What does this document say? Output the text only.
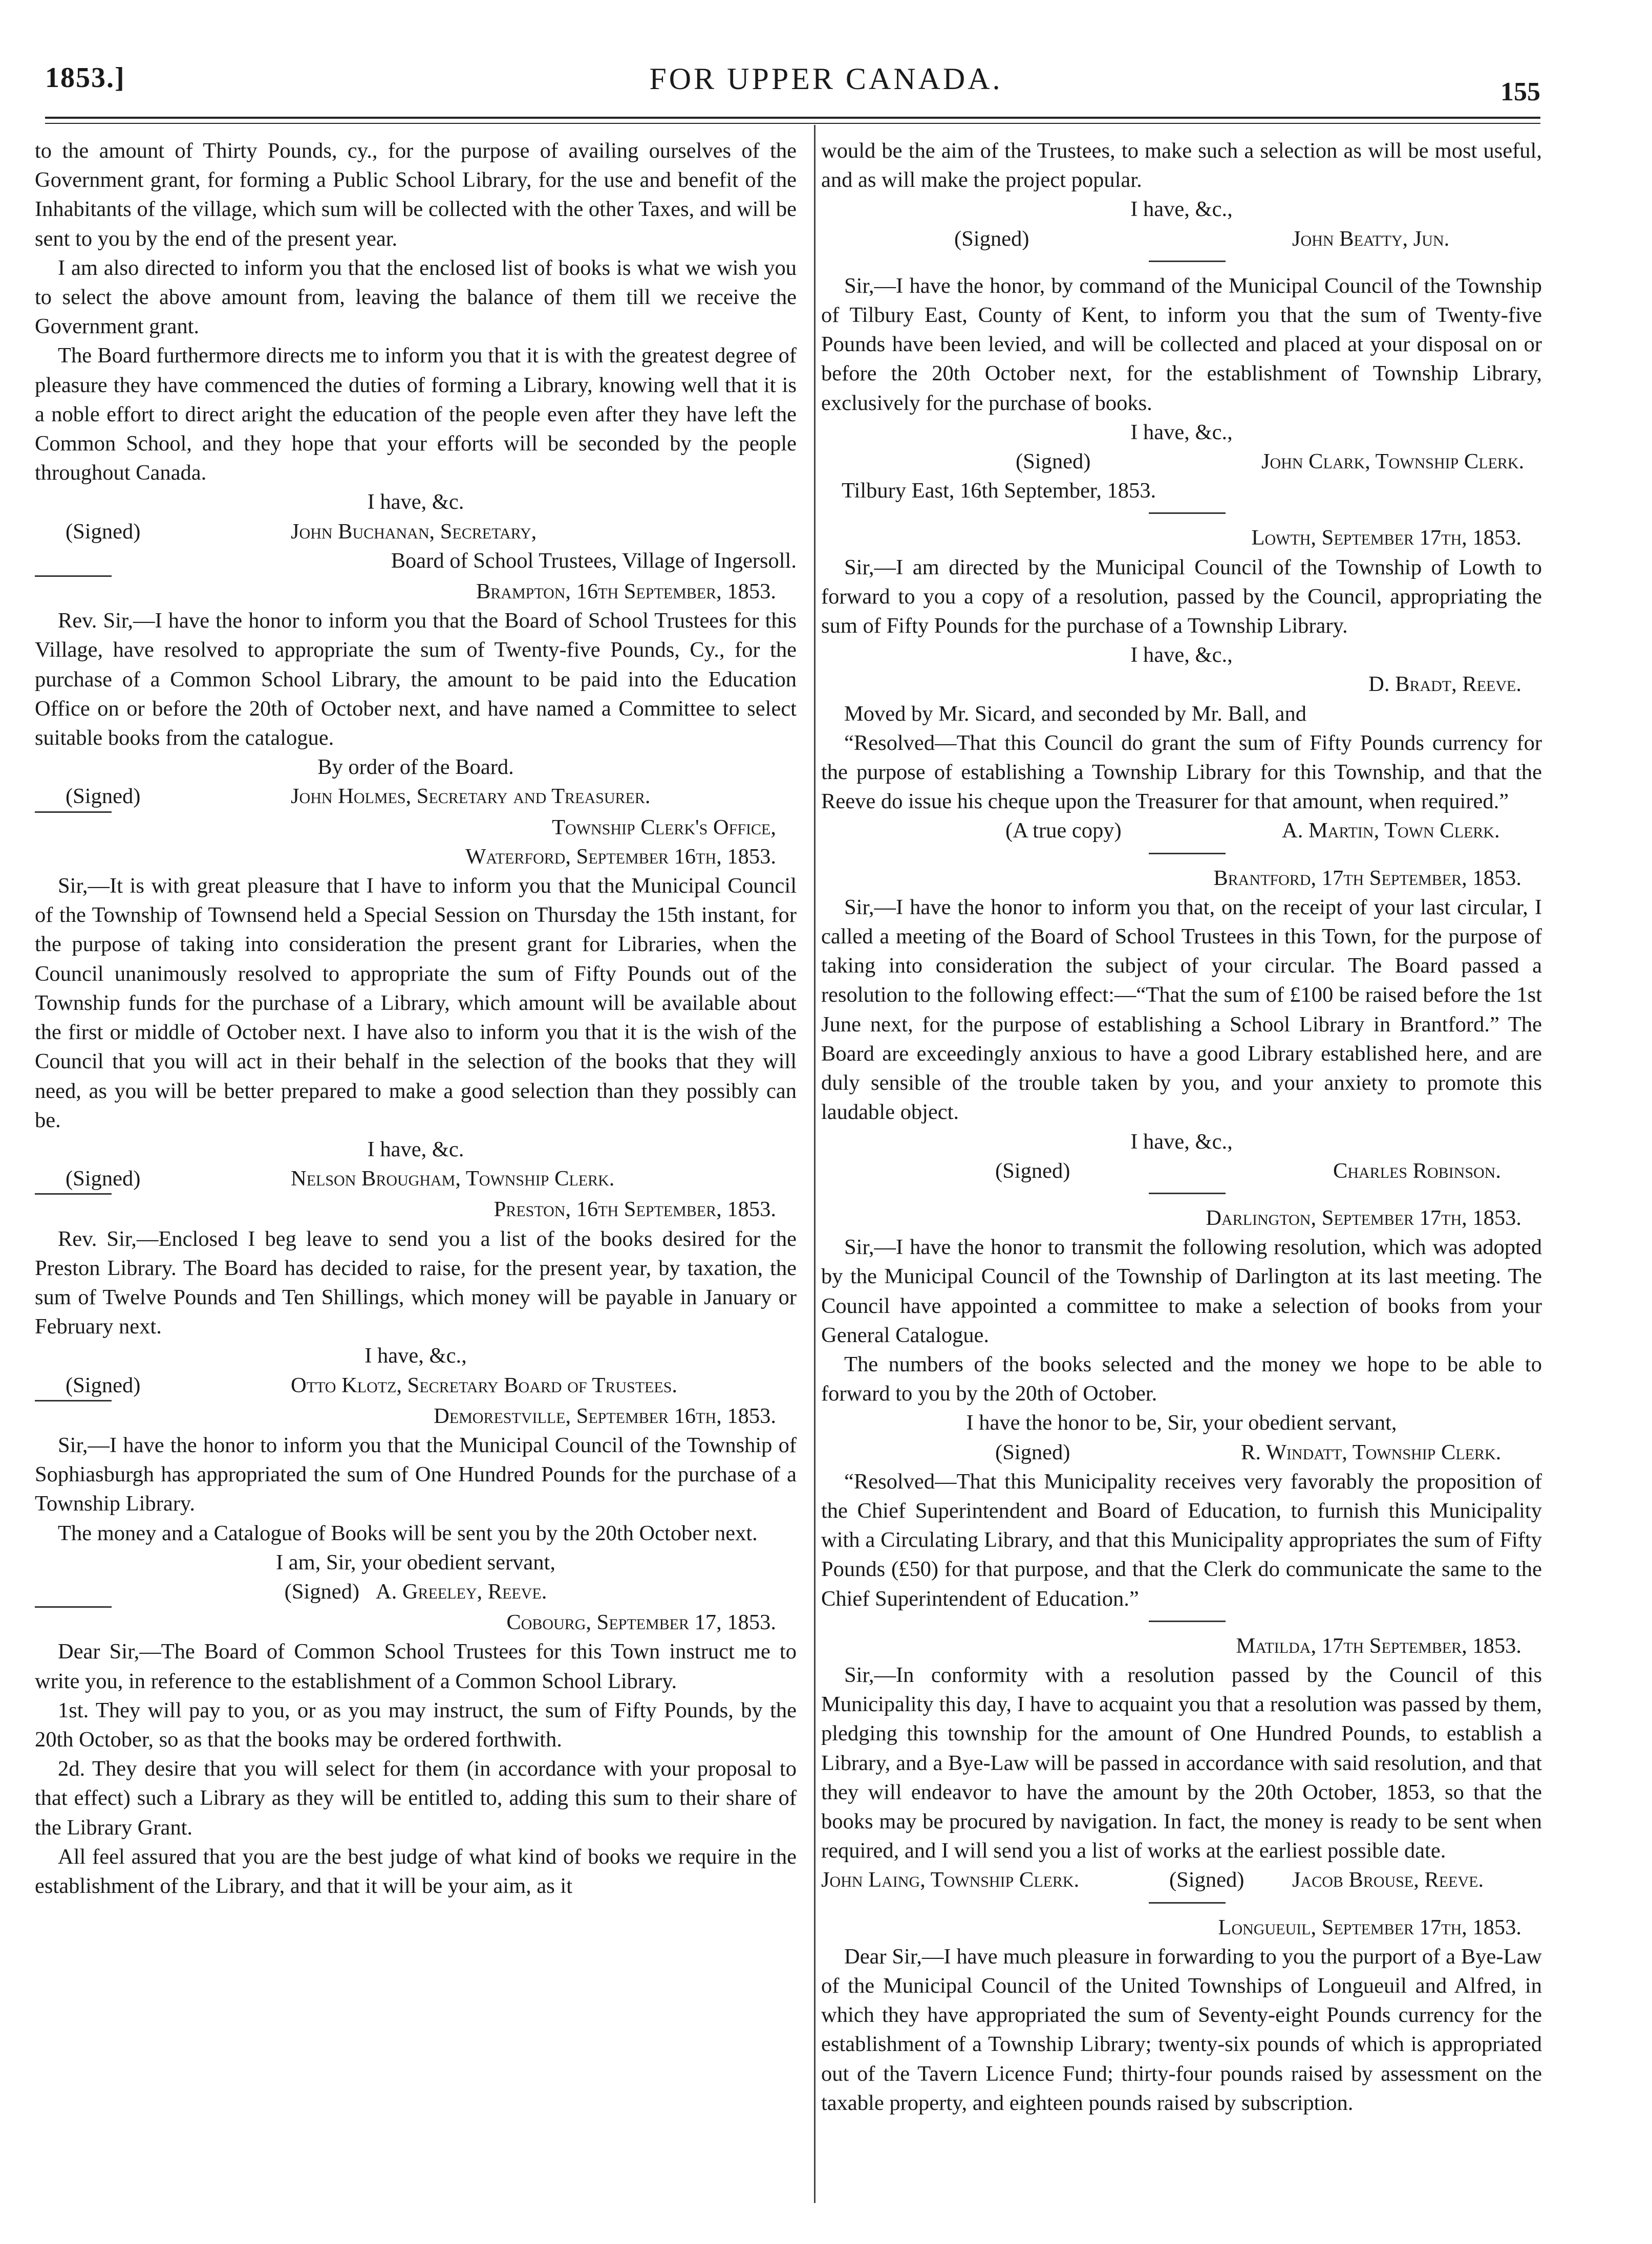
1853.]	FOR UPPER CANADA.	155

to the amount of Thirty Pounds, cy., for the purpose of availing ourselves of the Government grant, for forming a Public School Library, for the use and benefit of the Inhabitants of the village, which sum will be collected with the other Taxes, and will be sent to you by the end of the present year.

I am also directed to inform you that the enclosed list of books is what we wish you to select the above amount from, leaving the balance of them till we receive the Government grant.

The Board furthermore directs me to inform you that it is with the greatest degree of pleasure they have commenced the duties of forming a Library, knowing well that it is a noble effort to direct aright the education of the people even after they have left the Common School, and they hope that your efforts will be seconded by the people throughout Canada.

I have, &c.
(Signed)	John Buchanan, Secretary,
Board of School Trustees, Village of Ingersoll.
Brampton, 16th September, 1853.

Rev. Sir,—I have the honor to inform you that the Board of School Trustees for this Village, have resolved to appropriate the sum of Twenty-five Pounds, Cy., for the purchase of a Common School Library, the amount to be paid into the Education Office on or before the 20th of October next, and have named a Committee to select suitable books from the catalogue.

By order of the Board.
(Signed)	John Holmes, Secretary and Treasurer.
Township Clerk's Office,
Waterford, September 16th, 1853.

Sir,—It is with great pleasure that I have to inform you that the Municipal Council of the Township of Townsend held a Special Session on Thursday the 15th instant, for the purpose of taking into consideration the present grant for Libraries, when the Council unanimously resolved to appropriate the sum of Fifty Pounds out of the Township funds for the purchase of a Library, which amount will be available about the first or middle of October next. I have also to inform you that it is the wish of the Council that you will act in their behalf in the selection of the books that they will need, as you will be better prepared to make a good selection than they possibly can be.

I have, &c.
(Signed)	Nelson Brougham, Township Clerk.
Preston, 16th September, 1853.

Rev. Sir,—Enclosed I beg leave to send you a list of the books desired for the Preston Library. The Board has decided to raise, for the present year, by taxation, the sum of Twelve Pounds and Ten Shillings, which money will be payable in January or February next.

I have, &c.,
(Signed)	Otto Klotz, Secretary Board of Trustees.
Demorestville, September 16th, 1853.

Sir,—I have the honor to inform you that the Municipal Council of the Township of Sophiasburgh has appropriated the sum of One Hundred Pounds for the purchase of a Township Library.

The money and a Catalogue of Books will be sent you by the 20th October next.

I am, Sir, your obedient servant,
(Signed) A. Greeley, Reeve.
Cobourg, September 17, 1853.

Dear Sir,—The Board of Common School Trustees for this Town instruct me to write you, in reference to the establishment of a Common School Library.

1st. They will pay to you, or as you may instruct, the sum of Fifty Pounds, by the 20th October, so as that the books may be ordered forthwith.

2d. They desire that you will select for them (in accordance with your proposal to that effect) such a Library as they will be entitled to, adding this sum to their share of the Library Grant.

All feel assured that you are the best judge of what kind of books we require in the establishment of the Library, and that it will be your aim, as it

would be the aim of the Trustees, to make such a selection as will be most useful, and as will make the project popular.

I have, &c.,
(Signed)	John Beatty, Jun.

Sir,—I have the honor, by command of the Municipal Council of the Township of Tilbury East, County of Kent, to inform you that the sum of Twenty-five Pounds have been levied, and will be collected and placed at your disposal on or before the 20th October next, for the establishment of Township Library, exclusively for the purchase of books.

I have, &c.,
(Signed)	John Clark, Township Clerk.
Tilbury East, 16th September, 1853.
Lowth, September 17th, 1853.

Sir,—I am directed by the Municipal Council of the Township of Lowth to forward to you a copy of a resolution, passed by the Council, appropriating the sum of Fifty Pounds for the purchase of a Township Library.

I have, &c.,
D. Bradt, Reeve.

Moved by Mr. Sicard, and seconded by Mr. Ball, and

“Resolved—That this Council do grant the sum of Fifty Pounds currency for the purpose of establishing a Township Library for this Township, and that the Reeve do issue his cheque upon the Treasurer for that amount, when required.”

(A true copy)	A. Martin, Town Clerk.
Brantford, 17th September, 1853.

Sir,—I have the honor to inform you that, on the receipt of your last circular, I called a meeting of the Board of School Trustees in this Town, for the purpose of taking into consideration the subject of your circular. The Board passed a resolution to the following effect:—“That the sum of £100 be raised before the 1st June next, for the purpose of establishing a School Library in Brantford.” The Board are exceedingly anxious to have a good Library established here, and are duly sensible of the trouble taken by you, and your anxiety to promote this laudable object.

I have, &c.,
(Signed)	Charles Robinson.
Darlington, September 17th, 1853.

Sir,—I have the honor to transmit the following resolution, which was adopted by the Municipal Council of the Township of Darlington at its last meeting. The Council have appointed a committee to make a selection of books from your General Catalogue.

The numbers of the books selected and the money we hope to be able to forward to you by the 20th of October.

I have the honor to be, Sir, your obedient servant,
(Signed)	R. Windatt, Township Clerk.

“Resolved—That this Municipality receives very favorably the proposition of the Chief Superintendent and Board of Education, to furnish this Municipality with a Circulating Library, and that this Municipality appropriates the sum of Fifty Pounds (£50) for that purpose, and that the Clerk do communicate the same to the Chief Superintendent of Education.”

Matilda, 17th September, 1853.

Sir,—In conformity with a resolution passed by the Council of this Municipality this day, I have to acquaint you that a resolution was passed by them, pledging this township for the amount of One Hundred Pounds, to establish a Library, and a Bye-Law will be passed in accordance with said resolution, and that they will endeavor to have the amount by the 20th October, 1853, so that the books may be procured by navigation. In fact, the money is ready to be sent when required, and I will send you a list of works at the earliest possible date.

John Laing, Township Clerk.	(Signed) Jacob Brouse, Reeve.
Longueuil, September 17th, 1853.

Dear Sir,—I have much pleasure in forwarding to you the purport of a Bye-Law of the Municipal Council of the United Townships of Longueuil and Alfred, in which they have appropriated the sum of Seventy-eight Pounds currency for the establishment of a Township Library; twenty-six pounds of which is appropriated out of the Tavern Licence Fund; thirty-four pounds raised by assessment on the taxable property, and eighteen pounds raised by subscription.
